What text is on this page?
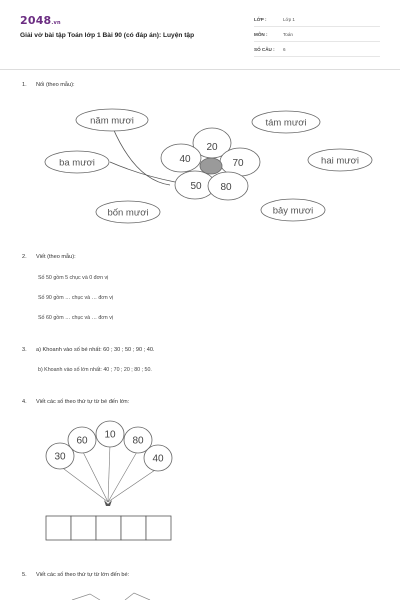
2048.vn
Giải vở bài tập Toán lớp 1 Bài 90 (có đáp án): Luyện tập
LỚP :	Lớp 1
MÔN :	Toán
SỐ CÂU : 6
1. Nối (theo mẫu):
năm mươi	tám mươi
ba mươi	hai mươi
bốn mươi	bảy mươi
20
40	70
50 80
2. Viết (theo mẫu):
Số 50 gồm 5 chục và 0 đơn vị
Số 90 gồm … chục và … đơn vị
Số 60 gồm … chục và … đơn vị
3. a) Khoanh vào số bé nhất: 60 ; 30 ; 50 ; 90 ; 40.
b) Khoanh vào số lớn nhất: 40 ; 70 ; 20 ; 80 ; 50.
4. Viết các số theo thứ tự từ bé đến lớn:
60
10
80
30	40
5. Viết các số theo thứ tự từ lớn đến bé:
